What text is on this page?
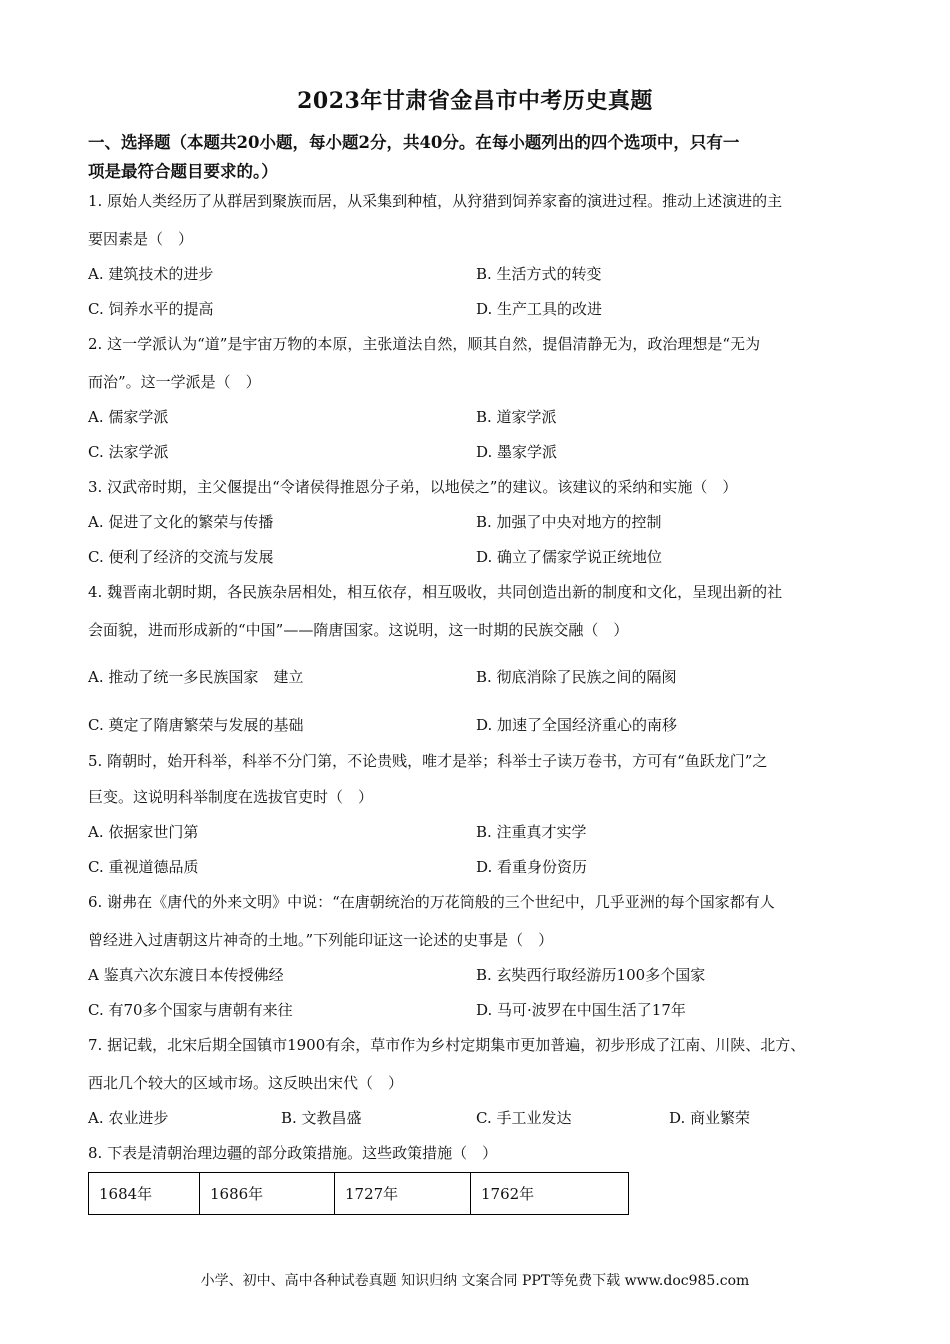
2023年甘肃省金昌市中考历史真题
一、选择题（本题共20小题，每小题2分，共40分。在每小题列出的四个选项中，只有一
项是最符合题目要求的。）
1. 原始人类经历了从群居到聚族而居，从采集到种植，从狩猎到饲养家畜的演进过程。推动上述演进的主
要因素是（　）
A. 建筑技术的进步	B. 生活方式的转变
C. 饲养水平的提高	D. 生产工具的改进
2. 这一学派认为“道”是宇宙万物的本原，主张道法自然，顺其自然，提倡清静无为，政治理想是“无为
而治”。这一学派是（　）
A. 儒家学派	B. 道家学派
C. 法家学派	D. 墨家学派
3. 汉武帝时期，主父偃提出“令诸侯得推恩分子弟，以地侯之”的建议。该建议的采纳和实施（　）
A. 促进了文化的繁荣与传播	B. 加强了中央对地方的控制
C. 便利了经济的交流与发展	D. 确立了儒家学说正统地位
4. 魏晋南北朝时期，各民族杂居相处，相互依存，相互吸收，共同创造出新的制度和文化，呈现出新的社
会面貌，进而形成新的“中国”——隋唐国家。这说明，这一时期的民族交融（　）
A. 推动了统一多民族国家　建立	B. 彻底消除了民族之间的隔阂
C. 奠定了隋唐繁荣与发展的基础	D. 加速了全国经济重心的南移
5. 隋朝时，始开科举，科举不分门第，不论贵贱，唯才是举；科举士子读万卷书，方可有“鱼跃龙门”之
巨变。这说明科举制度在选拔官吏时（　）
A. 依据家世门第	B. 注重真才实学
C. 重视道德品质	D. 看重身份资历
6. 谢弗在《唐代的外来文明》中说：“在唐朝统治的万花筒般的三个世纪中，几乎亚洲的每个国家都有人
曾经进入过唐朝这片神奇的土地。”下列能印证这一论述的史事是（　）
A 鉴真六次东渡日本传授佛经	B. 玄奘西行取经游历100多个国家
C. 有70多个国家与唐朝有来往	D. 马可·波罗在中国生活了17年
7. 据记载，北宋后期全国镇市1900有余，草市作为乡村定期集市更加普遍，初步形成了江南、川陕、北方、
西北几个较大的区域市场。这反映出宋代（　）
A. 农业进步	B. 文教昌盛	C. 手工业发达	D. 商业繁荣
8. 下表是清朝治理边疆的部分政策措施。这些政策措施（　）
1684年	1686年	1727年	1762年
小学、初中、高中各种试卷真题 知识归纳 文案合同 PPT等免费下载 www.doc985.com
